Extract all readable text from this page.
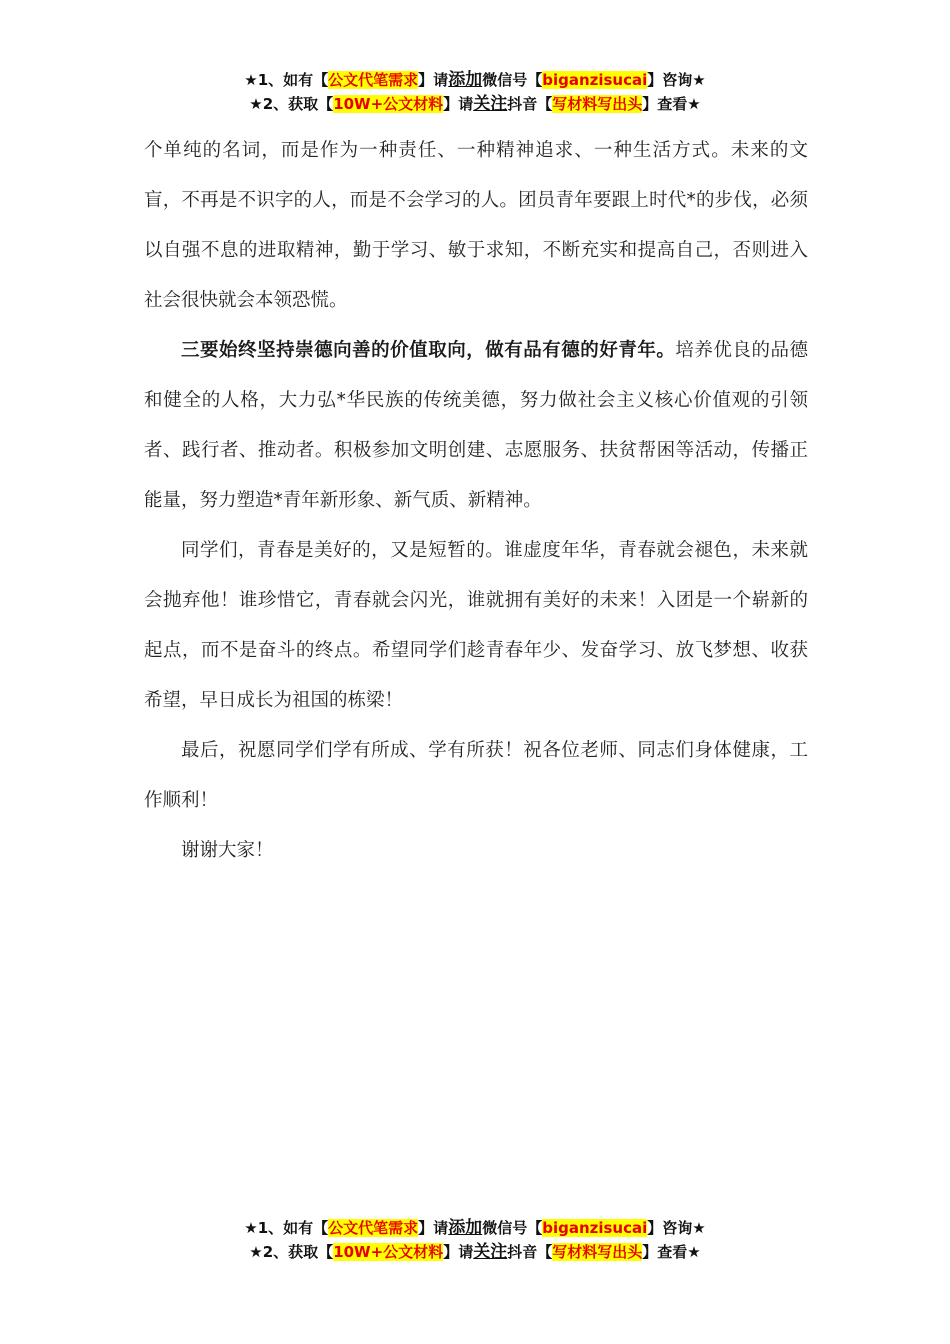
★1、如有【公文代笔需求】请添加微信号【biganzisucai】咨询★
★2、获取【10W+公文材料】请关注抖音【写材料写出头】查看★

个单纯的名词，而是作为一种责任、一种精神追求、一种生活方式。未来的文盲，不再是不识字的人，而是不会学习的人。团员青年要跟上时代*的步伐，必须以自强不息的进取精神，勤于学习、敏于求知，不断充实和提高自己，否则进入社会很快就会本领恐慌。

三要始终坚持崇德向善的价值取向，做有品有德的好青年。培养优良的品德和健全的人格，大力弘*华民族的传统美德，努力做社会主义核心价值观的引领者、践行者、推动者。积极参加文明创建、志愿服务、扶贫帮困等活动，传播正能量，努力塑造*青年新形象、新气质、新精神。

同学们，青春是美好的，又是短暂的。谁虚度年华，青春就会褪色，未来就会抛弃他！谁珍惜它，青春就会闪光，谁就拥有美好的未来！入团是一个崭新的起点，而不是奋斗的终点。希望同学们趁青春年少、发奋学习、放飞梦想、收获希望，早日成长为祖国的栋梁！

最后，祝愿同学们学有所成、学有所获！祝各位老师、同志们身体健康，工作顺利！

谢谢大家！

★1、如有【公文代笔需求】请添加微信号【biganzisucai】咨询★
★2、获取【10W+公文材料】请关注抖音【写材料写出头】查看★
